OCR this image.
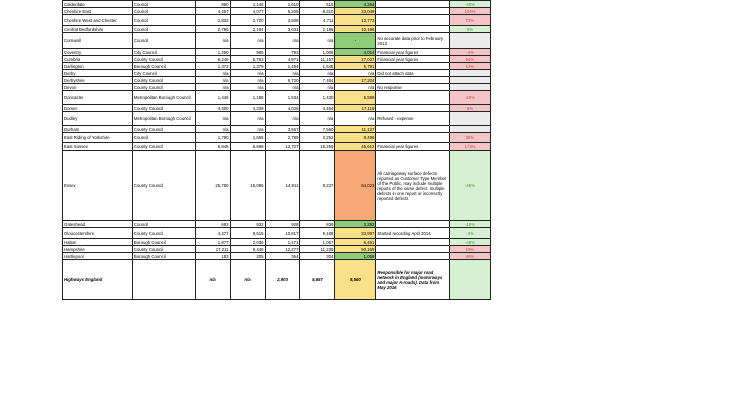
Calderdale	Council	860	1,146	1,610	615	4,264		-40%
Cheshire East	Council	4,467	4,077	6,205	8,310	23,049		104%
Cheshire West and Chester	Council	2,833	2,720	3,508	4,711	13,773		73%
Central Bedfordshire	Council	2,785	2,194	3,031	2,186	10,196		0%
Cornwall	Council	n/a	n/a	n/a	n/a	-	No accurate data prior to February 2013	
Coventry	City Council	1,250	965	793	1,006	4,014	Financial year figures	-4%
Cumbria	County Council	5,246	5,763	4,871	11,157	27,037	Financial year figures	94%
Darlington	Borough Council	1,373	1,379	1,494	1,545	5,791		12%
Derby	City Council	n/a	n/a	n/a	n/a	n/a	Did not attach data	
Derbyshire	County Council	n/a	n/a	9,720	7,484	17,204		
Devon	County Council	n/a	n/a	n/a	n/a	n/a	No response	
Doncaster	Metropolitan Borough Council	1,446	1,186	1,534	1,430	5,599		-20%
Dorset	County Council	4,400	4,239	4,026	4,454	17,119		5%
Dudley	Metropolitan Borough Council	n/a	n/a	n/a	n/a	n/a	Refused - expense	
Durham	County Council	n/a	n/a	3,567	7,560	11,127		
East Riding of Yorkshire	Council	1,790	1,665	2,789	2,252	8,496		35%
East Sussex	County Council	6,948	6,698	13,707	18,259	45,612	Financial year figures	173%
Essex	County Council	25,780	15,085	14,911	8,237	64,023	All carriageway surface defects reported as Customer Type Member of the Public, may include multiple reports of the same defect, multiple defects in one report or incorrectly reported defects	-45%
Gateshead	Council	693	932	928	839	3,392		-10%
Gloucestershire	County Council	4,477	8,515	10,817	9,188	33,997	Started recording April 2014	-3%
Halton	Borough Council	1,877	2,036	1,471	1,067	6,451		-48%
Hampshire	County Council	17,211	9,446	12,277	11,235	50,169		19%
Hartlepool	Borough Council	183	205	364	304	1,056		46%
Highways England		n/a	n/a	2,903	5,657	8,560	Responsible for major road network in England (motorways and major A-roads). Data from May 2016	
